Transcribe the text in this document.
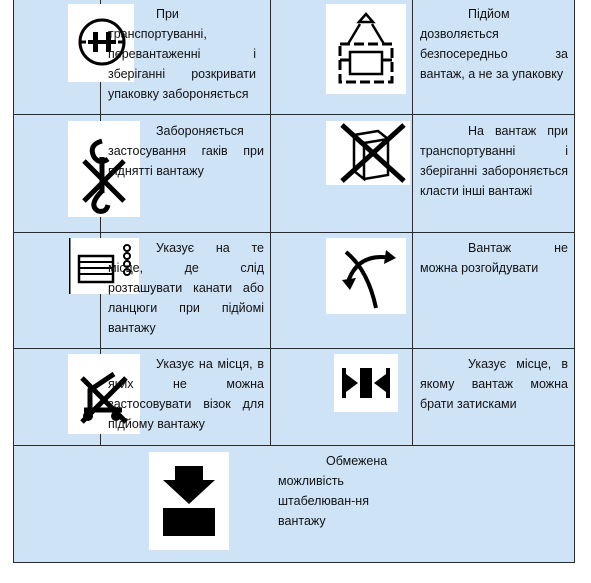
При транспортуванні, перевантаженні і зберіганні розкривати упаковку забороняється
Підйом дозволяється безпосередньо за вантаж, а не за упаковку
Забороняється застосування гаків при піднятті вантажу
На вантаж при транспортуванні і зберіганні забороняється класти інші вантажі
Указує на те місце, де слід розташувати канати або ланцюги при підйомі вантажу
Вантаж не можна розгойдувати
Указує на місця, в яких не можна застосовувати візок для підйому вантажу
Указує місце, в якому вантаж можна брати затисками
Обмежена можливість штабелюван-ня вантажу
